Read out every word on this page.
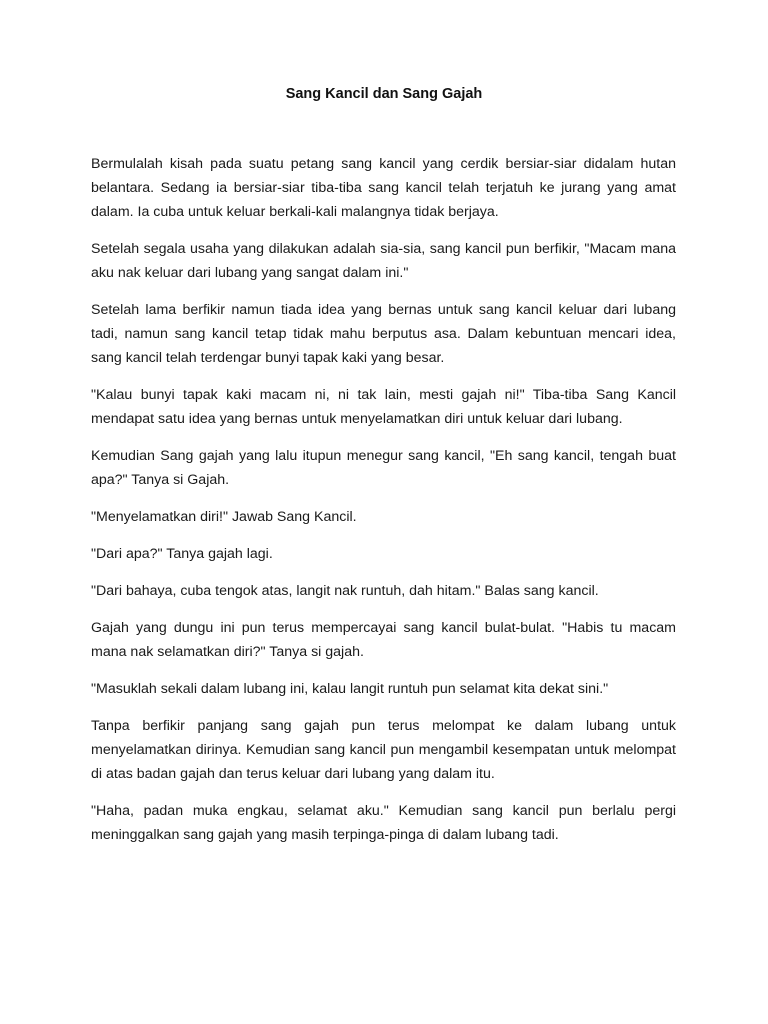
Sang Kancil dan Sang Gajah

Bermulalah kisah pada suatu petang sang kancil yang cerdik bersiar-siar didalam hutan belantara. Sedang ia bersiar-siar tiba-tiba sang kancil telah terjatuh ke jurang yang amat dalam. Ia cuba untuk keluar berkali-kali malangnya tidak berjaya.

Setelah segala usaha yang dilakukan adalah sia-sia, sang kancil pun berfikir, "Macam mana aku nak keluar dari lubang yang sangat dalam ini."

Setelah lama berfikir namun tiada idea yang bernas untuk sang kancil keluar dari lubang tadi, namun sang kancil tetap tidak mahu berputus asa. Dalam kebuntuan mencari idea, sang kancil telah terdengar bunyi tapak kaki yang besar.

"Kalau bunyi tapak kaki macam ni, ni tak lain, mesti gajah ni!" Tiba-tiba Sang Kancil mendapat satu idea yang bernas untuk menyelamatkan diri untuk keluar dari lubang.

Kemudian Sang gajah yang lalu itupun menegur sang kancil, "Eh sang kancil, tengah buat apa?" Tanya si Gajah.

"Menyelamatkan diri!" Jawab Sang Kancil.

"Dari apa?" Tanya gajah lagi.

"Dari bahaya, cuba tengok atas, langit nak runtuh, dah hitam." Balas sang kancil.

Gajah yang dungu ini pun terus mempercayai sang kancil bulat-bulat. "Habis tu macam mana nak selamatkan diri?" Tanya si gajah.

"Masuklah sekali dalam lubang ini, kalau langit runtuh pun selamat kita dekat sini."

Tanpa berfikir panjang sang gajah pun terus melompat ke dalam lubang untuk menyelamatkan dirinya. Kemudian sang kancil pun mengambil kesempatan untuk melompat di atas badan gajah dan terus keluar dari lubang yang dalam itu.

"Haha, padan muka engkau, selamat aku." Kemudian sang kancil pun berlalu pergi meninggalkan sang gajah yang masih terpinga-pinga di dalam lubang tadi.
